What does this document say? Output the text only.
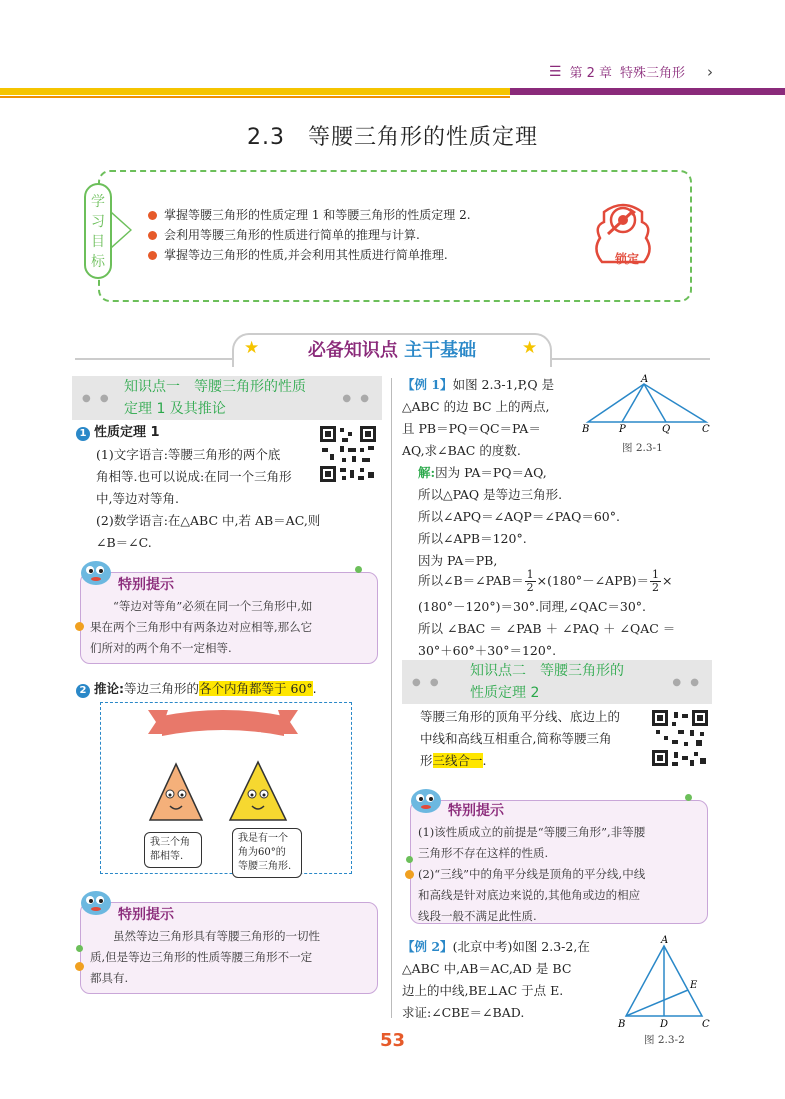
☰ 第 2 章 特殊三角形 ›
2.3　等腰三角形的性质定理
学习目标
掌握等腰三角形的性质定理 1 和等腰三角形的性质定理 2.
会利用等腰三角形的性质进行简单的推理与计算.
掌握等边三角形的性质,并会利用其性质进行简单推理.	锁定
★	★
必备知识点 主干基础
● ●
知识点一　等腰三角形的性质
定理 1 及其推论
● ●
1 性质定理 1
(1)文字语言:等腰三角形的两个底
角相等.也可以说成:在同一个三角形
中,等边对等角.
(2)数学语言:在△ABC 中,若 AB＝AC,则
∠B＝∠C.
特别提示
“等边对等角”必须在同一个三角形中,如
果在两个三角形中有两条边对应相等,那么它
们所对的两个角不一定相等.
2 推论:等边三角形的各个内角都等于 60°.
寻找等边三角形
我三个角
都相等.
我是有一个
角为60°的
等腰三角形.
特别提示
虽然等边三角形具有等腰三角形的一切性
质,但是等边三角形的性质等腰三角形不一定
都具有.
【例 1】如图 2.3-1,P,Q 是
△ABC 的边 BC 上的两点,
且 PB＝PQ＝QC＝PA＝
AQ,求∠BAC 的度数.
A
B	P	Q	C
图 2.3-1
解:因为 PA＝PQ＝AQ,
所以△PAQ 是等边三角形.
所以∠APQ＝∠AQP＝∠PAQ＝60°.
所以∠APB＝120°.
因为 PA＝PB,
所以∠B＝∠PAB＝ $\frac{1}{2}$ ×(180°－∠APB)＝ $\frac{1}{2}$ ×
(180°－120°)＝30°.同理,∠QAC＝30°.
所以 ∠BAC ＝ ∠PAB ＋ ∠PAQ ＋ ∠QAC ＝
30°＋60°＋30°＝120°.
● ●
知识点二　等腰三角形的
性质定理 2
● ●
等腰三角形的顶角平分线、底边上的
中线和高线互相重合,简称等腰三角
形三线合一.
特别提示
(1)该性质成立的前提是“等腰三角形”,非等腰
三角形不存在这样的性质.
(2)“三线”中的角平分线是顶角的平分线,中线
和高线是针对底边来说的,其他角或边的相应
线段一般不满足此性质.
【例 2】(北京中考)如图 2.3-2,在
△ABC 中,AB＝AC,AD 是 BC
边上的中线,BE⊥AC 于点 E.
求证:∠CBE＝∠BAD.
A
E
B	D	C
图 2.3-2
53
